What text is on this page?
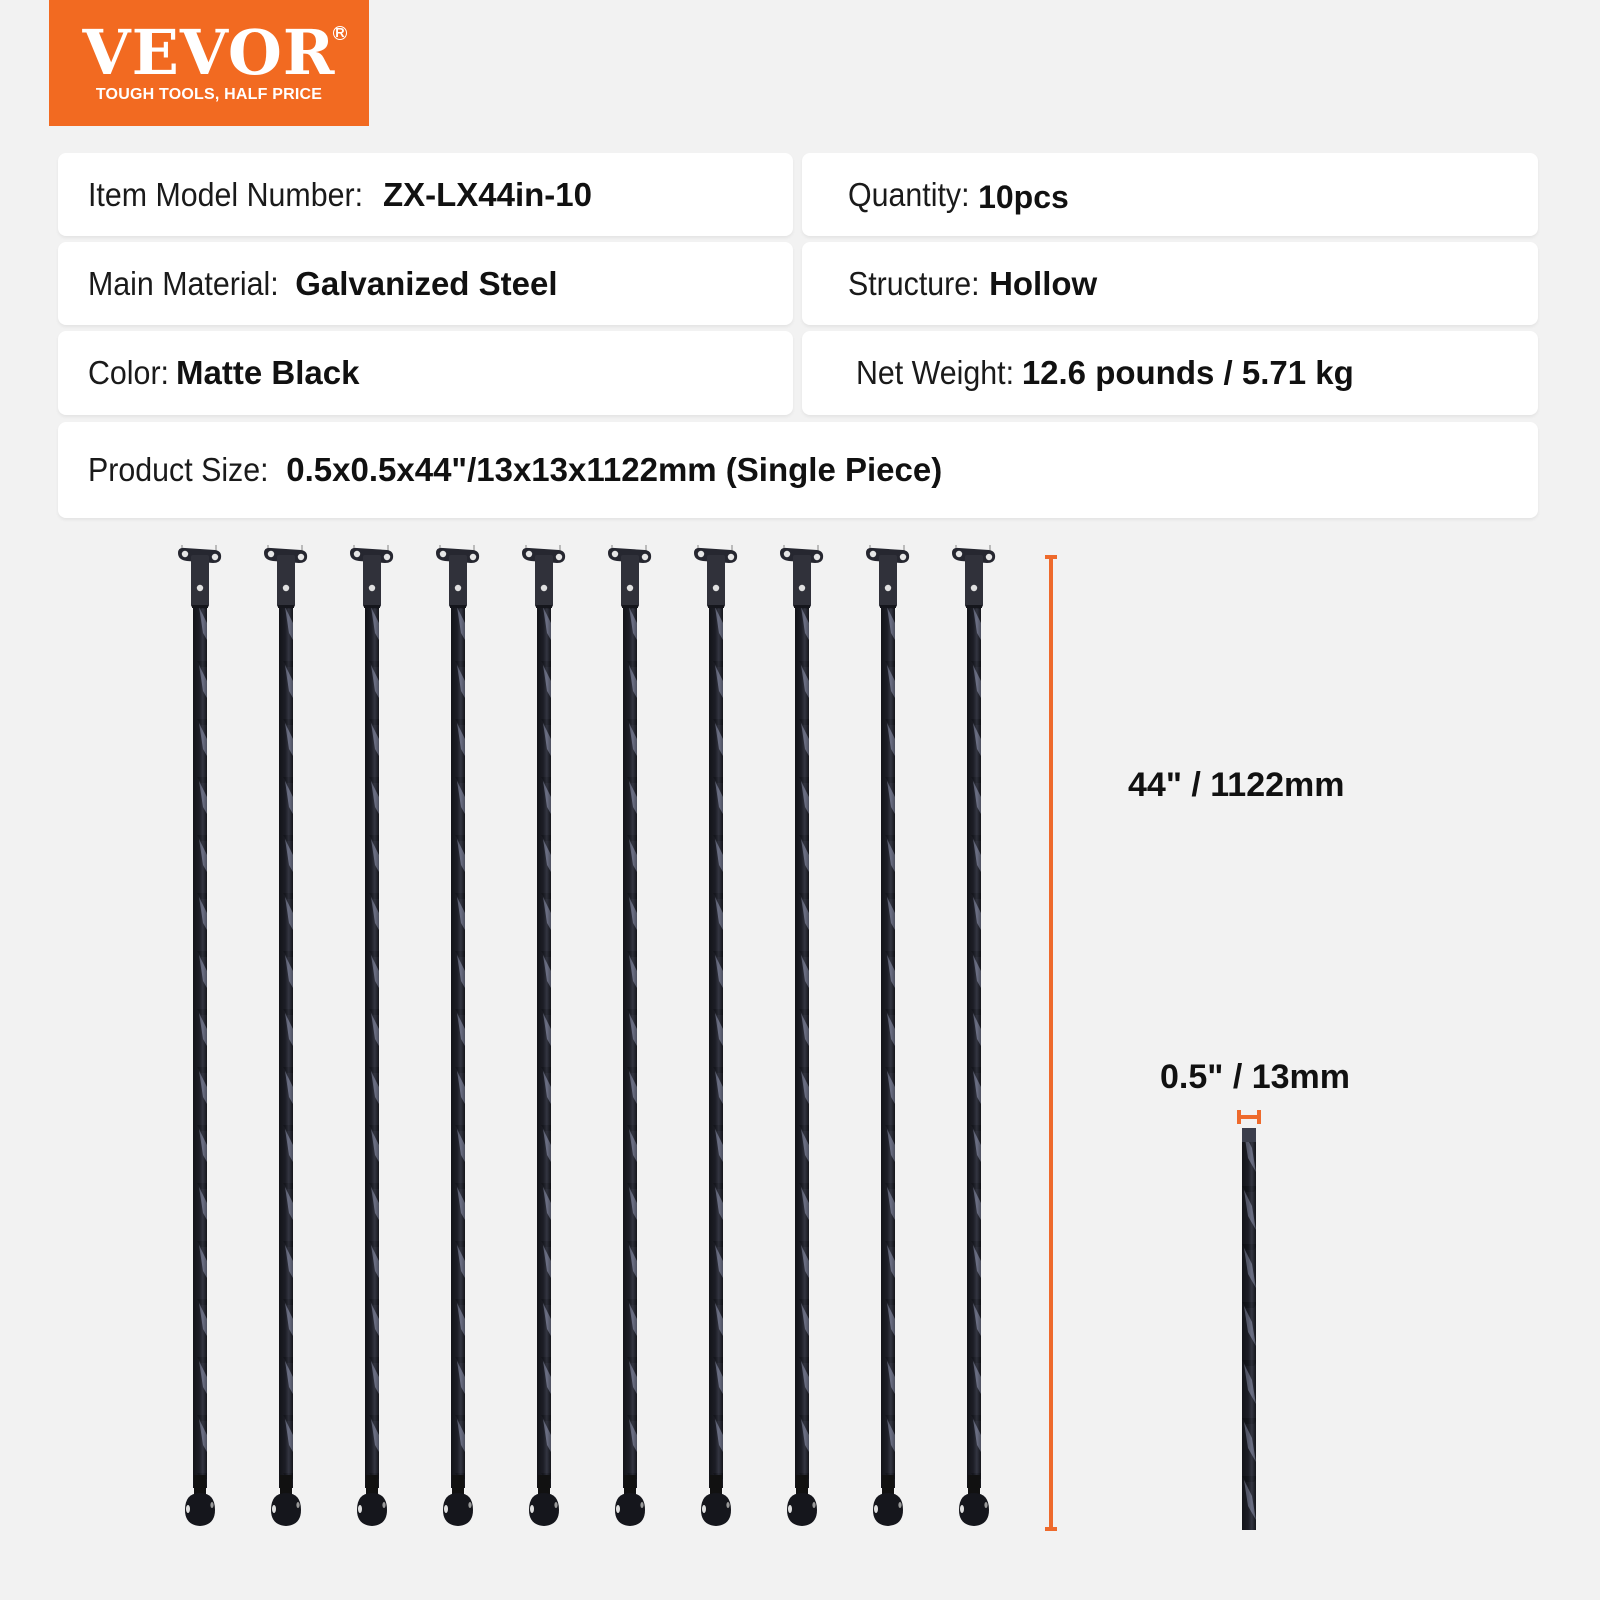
VEVOR R
TOUGH TOOLS, HALF PRICE
Item Model Number: ZX-LX44in-10	Quantity: 10pcs
Main Material: Galvanized Steel	Structure: Hollow
Color: Matte Black	Net Weight: 12.6 pounds / 5.71 kg
Product Size: 0.5x0.5x44"/13x13x1122mm (Single Piece)
44" / 1122mm
0.5" / 13mm
